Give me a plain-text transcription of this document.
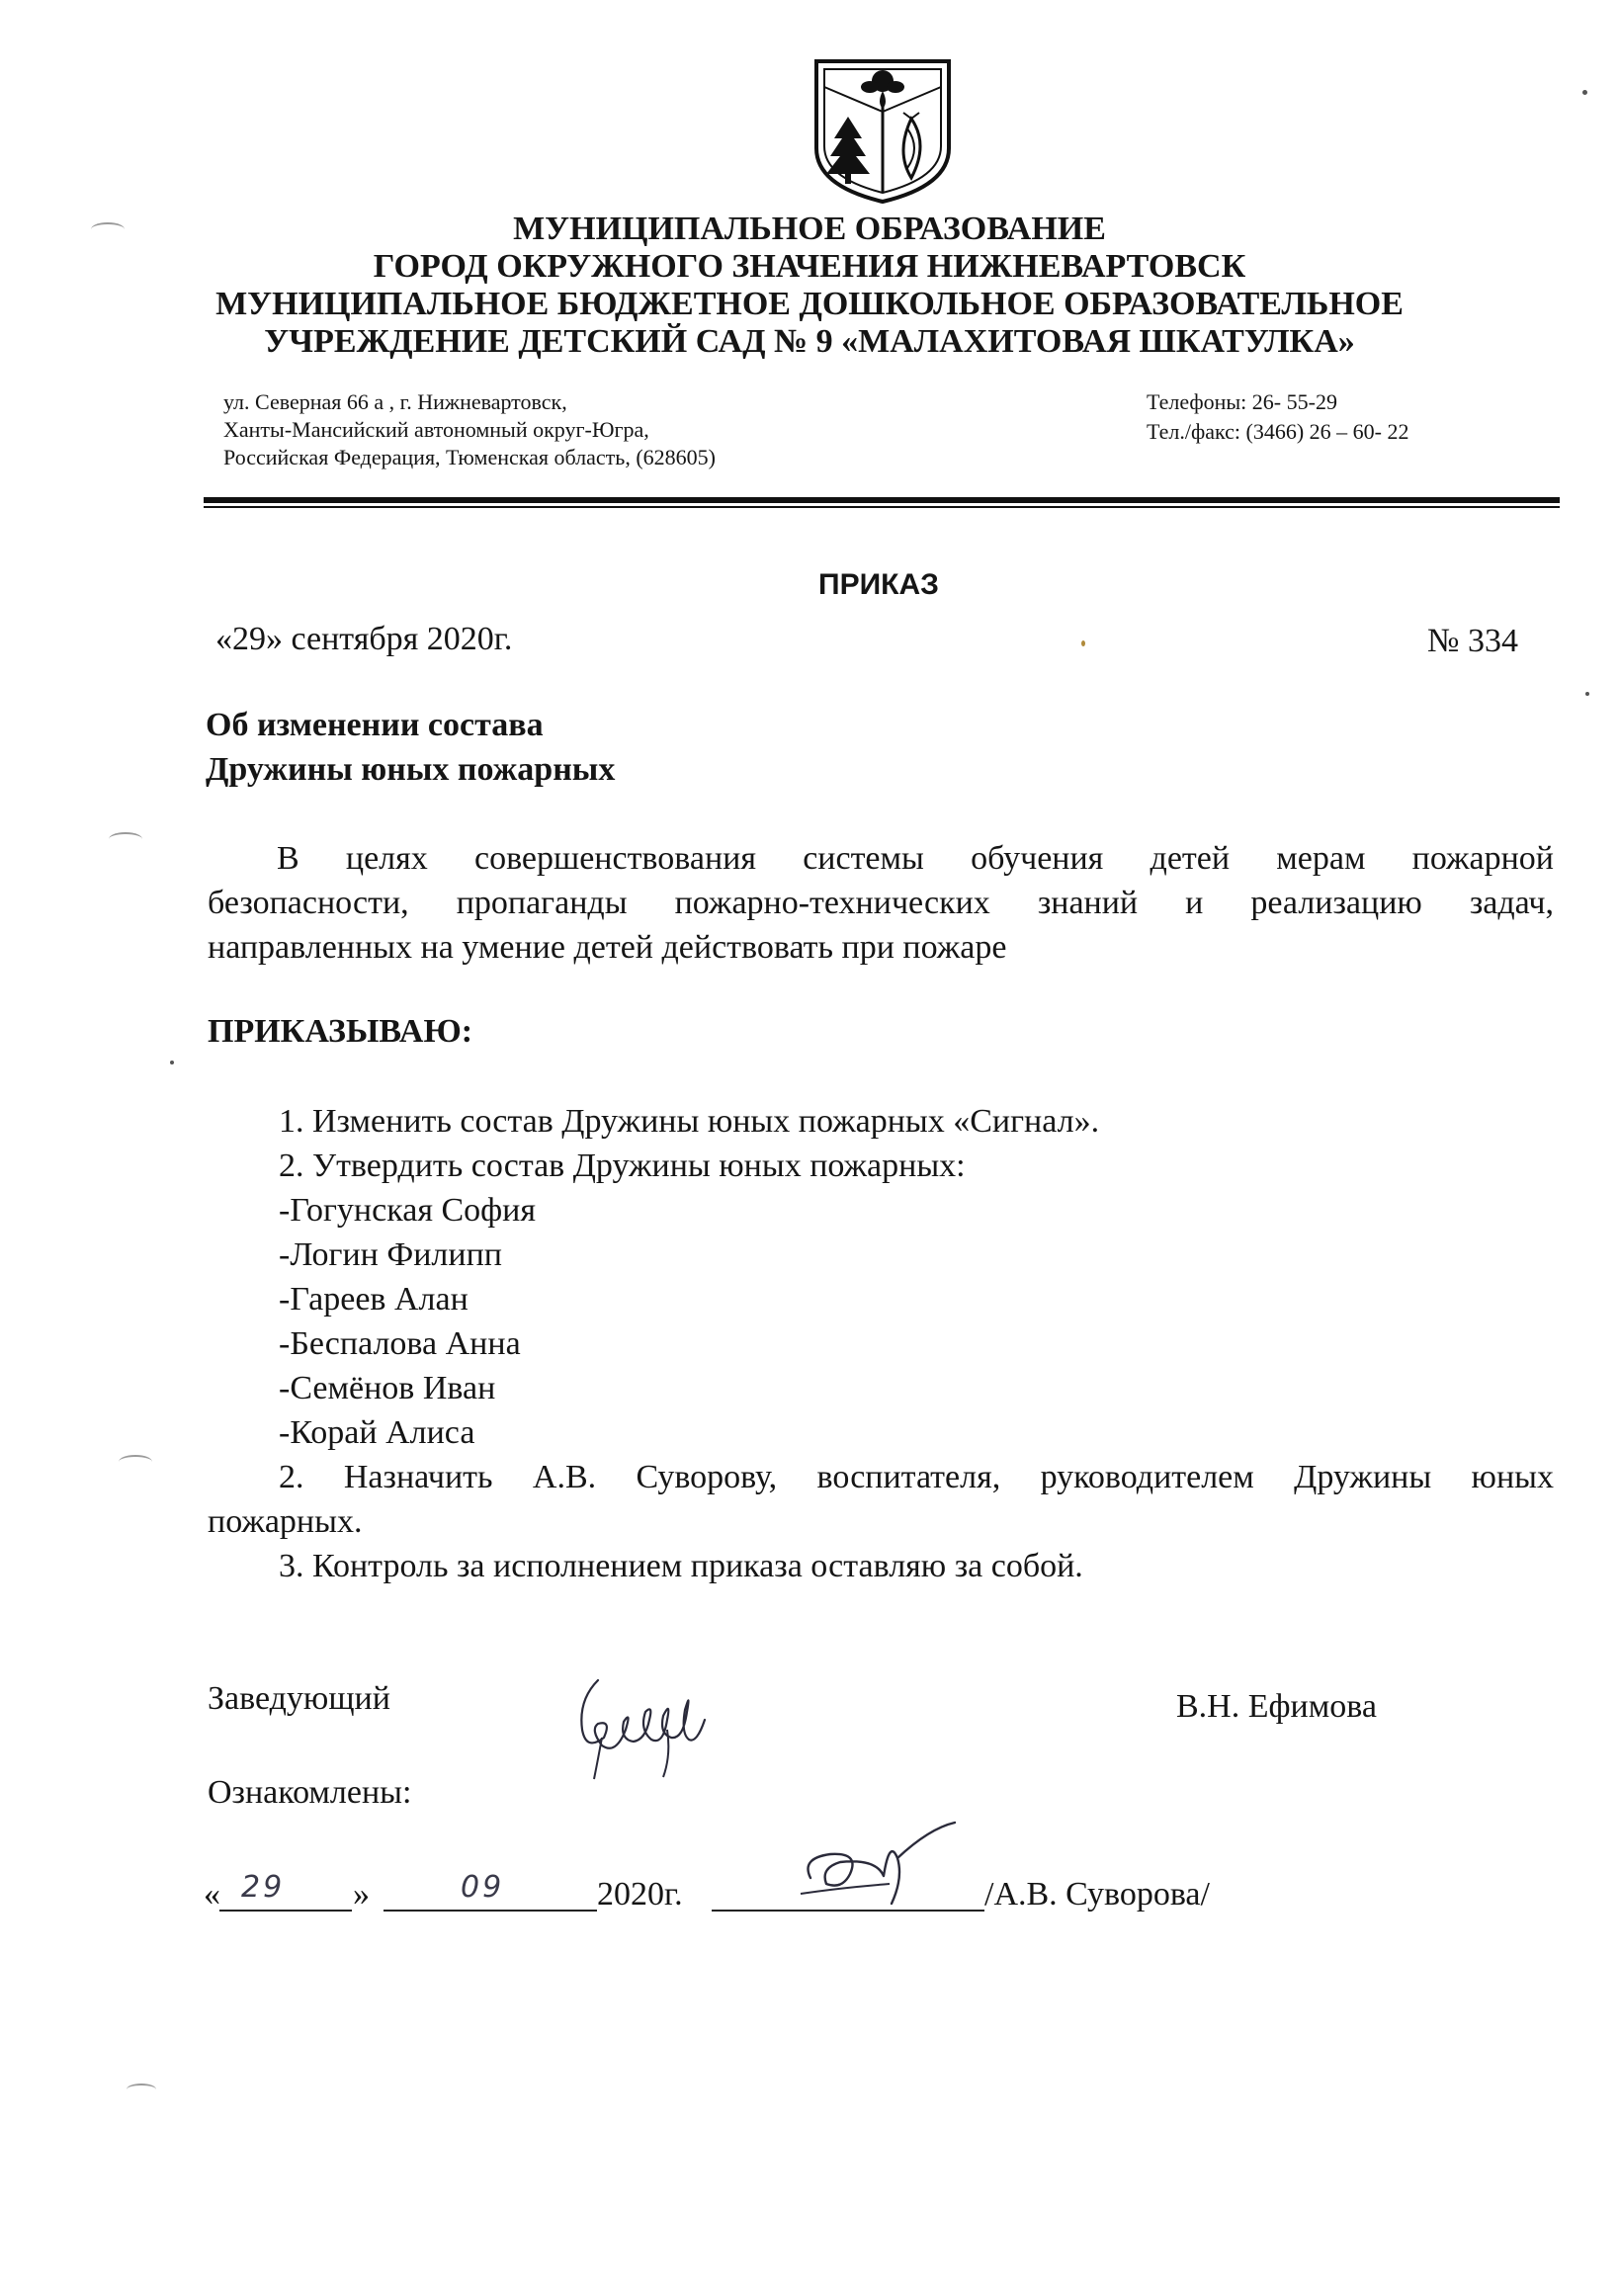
МУНИЦИПАЛЬНОЕ ОБРАЗОВАНИЕ
ГОРОД ОКРУЖНОГО ЗНАЧЕНИЯ НИЖНЕВАРТОВСК
МУНИЦИПАЛЬНОЕ БЮДЖЕТНОЕ ДОШКОЛЬНОЕ ОБРАЗОВАТЕЛЬНОЕ
УЧРЕЖДЕНИЕ ДЕТСКИЙ САД № 9 «МАЛАХИТОВАЯ ШКАТУЛКА»
ул. Северная 66 а , г. Нижневартовск,
Ханты-Мансийский автономный округ-Югра,
Российская Федерация, Тюменская область, (628605)
Телефоны: 26- 55-29
Тел./факс: (3466) 26 – 60- 22
ПРИКАЗ
«29» сентября 2020г.	№ 334
Об изменении состава
Дружины юных пожарных
В целях совершенствования системы обучения детей мерам пожарной
безопасности, пропаганды пожарно-технических знаний и реализацию задач,
направленных на умение детей действовать при пожаре
ПРИКАЗЫВАЮ:
1. Изменить состав Дружины юных пожарных «Сигнал».
2. Утвердить состав Дружины юных пожарных:
-Гогунская София
-Логин Филипп
-Гареев Алан
-Беспалова Анна
-Семёнов Иван
-Корай Алиса
2. Назначить А.В. Суворову, воспитателя, руководителем Дружины юных
пожарных.
3. Контроль за исполнением приказа оставляю за собой.
Заведующий	В.Н. Ефимова
Ознакомлены:
« 29 »	09	2020г.	/А.В. Суворова/
